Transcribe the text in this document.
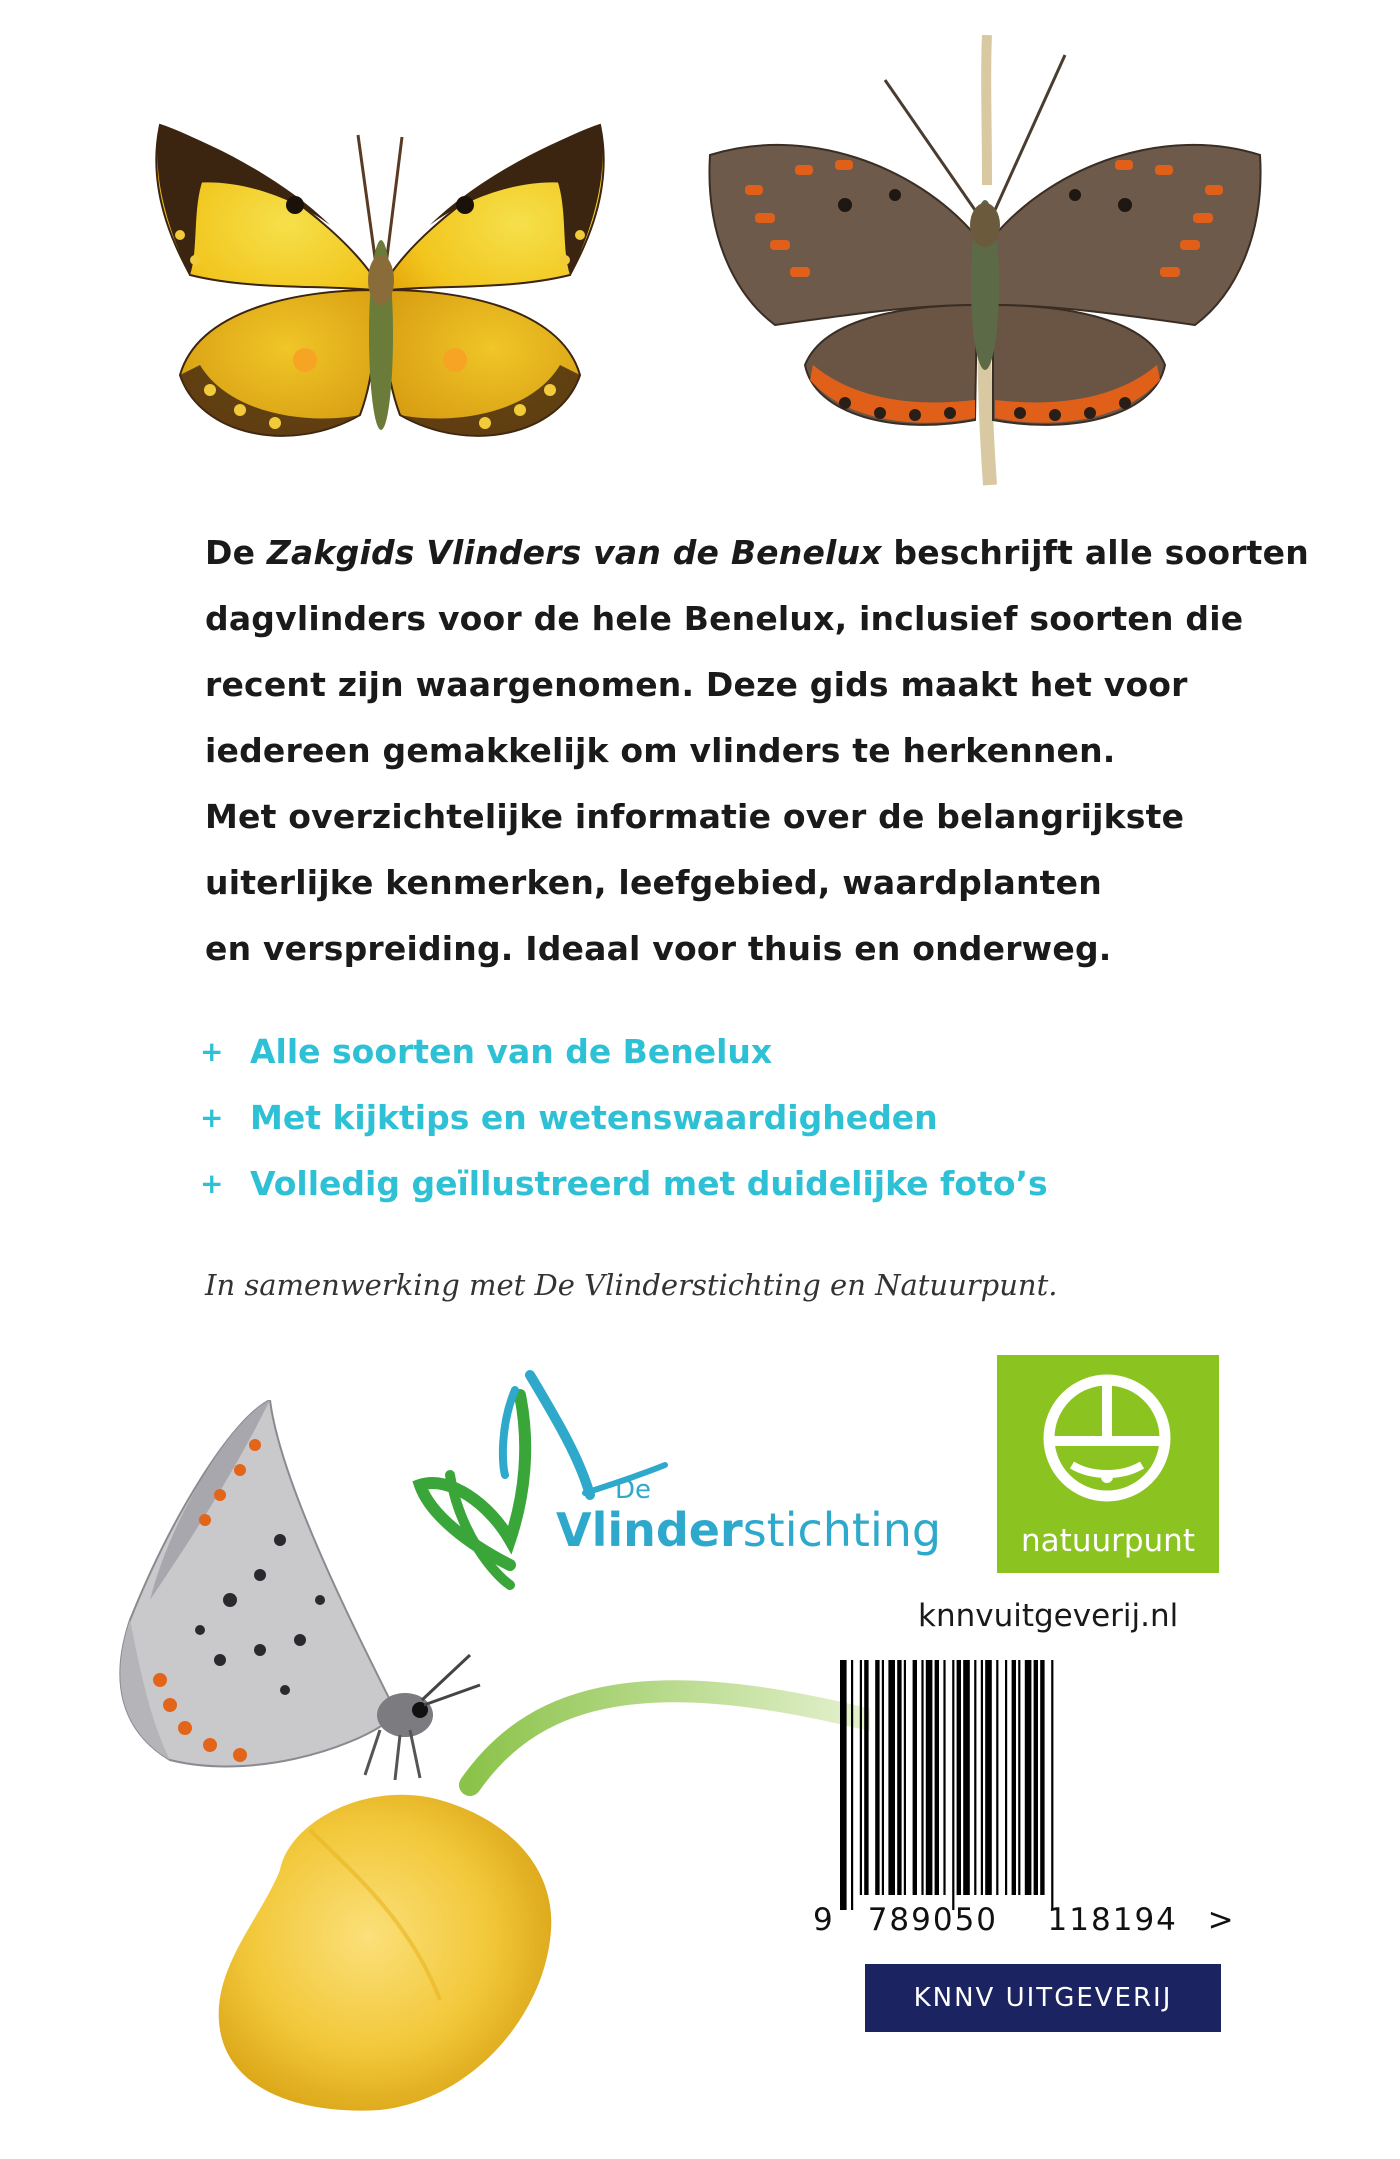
De Zakgids Vlinders van de Benelux beschrijft alle soorten
dagvlinders voor de hele Benelux, inclusief soorten die
recent zijn waargenomen. Deze gids maakt het voor
iedereen gemakkelijk om vlinders te herkennen.
Met overzichtelijke informatie over de belangrijkste
uiterlijke kenmerken, leefgebied, waardplanten
en verspreiding. Ideaal voor thuis en onderweg.
+ Alle soorten van de Benelux
+ Met kijktips en wetenswaardigheden
+ Volledig geïllustreerd met duidelijke foto’s
In samenwerking met De Vlinderstichting en Natuurpunt.
De
Vlinderstichting	natuurpunt
knnvuitgeverij.nl
9 789050 118194 >
KNNV UITGEVERIJ
